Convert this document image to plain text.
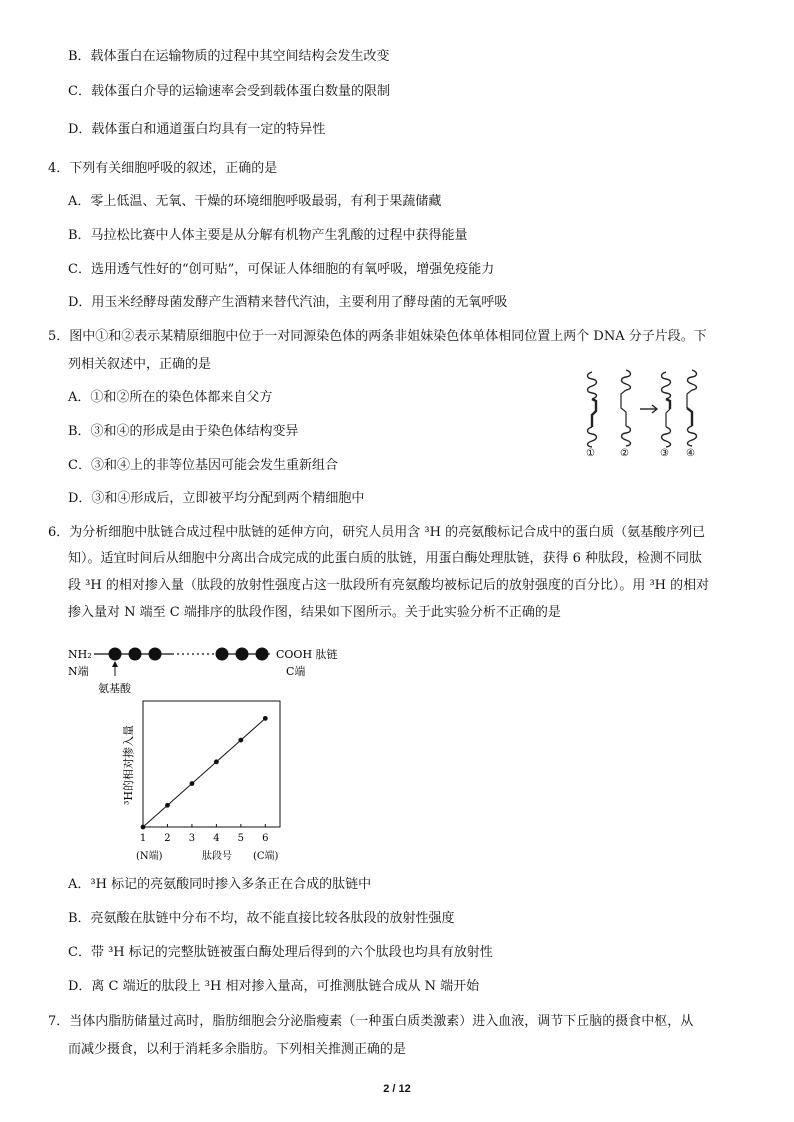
B．载体蛋白在运输物质的过程中其空间结构会发生改变
C．载体蛋白介导的运输速率会受到载体蛋白数量的限制
D．载体蛋白和通道蛋白均具有一定的特异性
4．下列有关细胞呼吸的叙述，正确的是
A．零上低温、无氧、干燥的环境细胞呼吸最弱，有利于果蔬储藏
B．马拉松比赛中人体主要是从分解有机物产生乳酸的过程中获得能量
C．选用透气性好的“创可贴”，可保证人体细胞的有氧呼吸，增强免疫能力
D．用玉米经酵母菌发酵产生酒精来替代汽油，主要利用了酵母菌的无氧呼吸
5．图中①和②表示某精原细胞中位于一对同源染色体的两条非姐妹染色体单体相同位置上两个 DNA 分子片段。下
列相关叙述中，正确的是
A．①和②所在的染色体都来自父方
B．③和④的形成是由于染色体结构变异
C．③和④上的非等位基因可能会发生重新组合
D．③和④形成后，立即被平均分配到两个精细胞中
①	②	③ ④
6．为分析细胞中肽链合成过程中肽链的延伸方向，研究人员用含 ³H 的亮氨酸标记合成中的蛋白质（氨基酸序列已
知）。适宜时间后从细胞中分离出合成完成的此蛋白质的肽链，用蛋白酶处理肽链，获得 6 种肽段，检测不同肽
段 ³H 的相对掺入量（肽段的放射性强度占这一肽段所有亮氨酸均被标记后的放射强度的百分比）。用 ³H 的相对
掺入量对 N 端至 C 端排序的肽段作图，结果如下图所示。关于此实验分析不正确的是
NH₂
N端
COOH 肽链
C端
氨基酸
³H的相对掺入量
1 2 3 4 5 6
(N端)	肽段号 (C端)
A．³H 标记的亮氨酸同时掺入多条正在合成的肽链中
B．亮氨酸在肽链中分布不均，故不能直接比较各肽段的放射性强度
C．带 ³H 标记的完整肽链被蛋白酶处理后得到的六个肽段也均具有放射性
D．离 C 端近的肽段上 ³H 相对掺入量高，可推测肽链合成从 N 端开始
7．当体内脂肪储量过高时，脂肪细胞会分泌脂瘦素（一种蛋白质类激素）进入血液，调节下丘脑的摄食中枢，从
而减少摄食，以利于消耗多余脂肪。下列相关推测正确的是
2 / 12
